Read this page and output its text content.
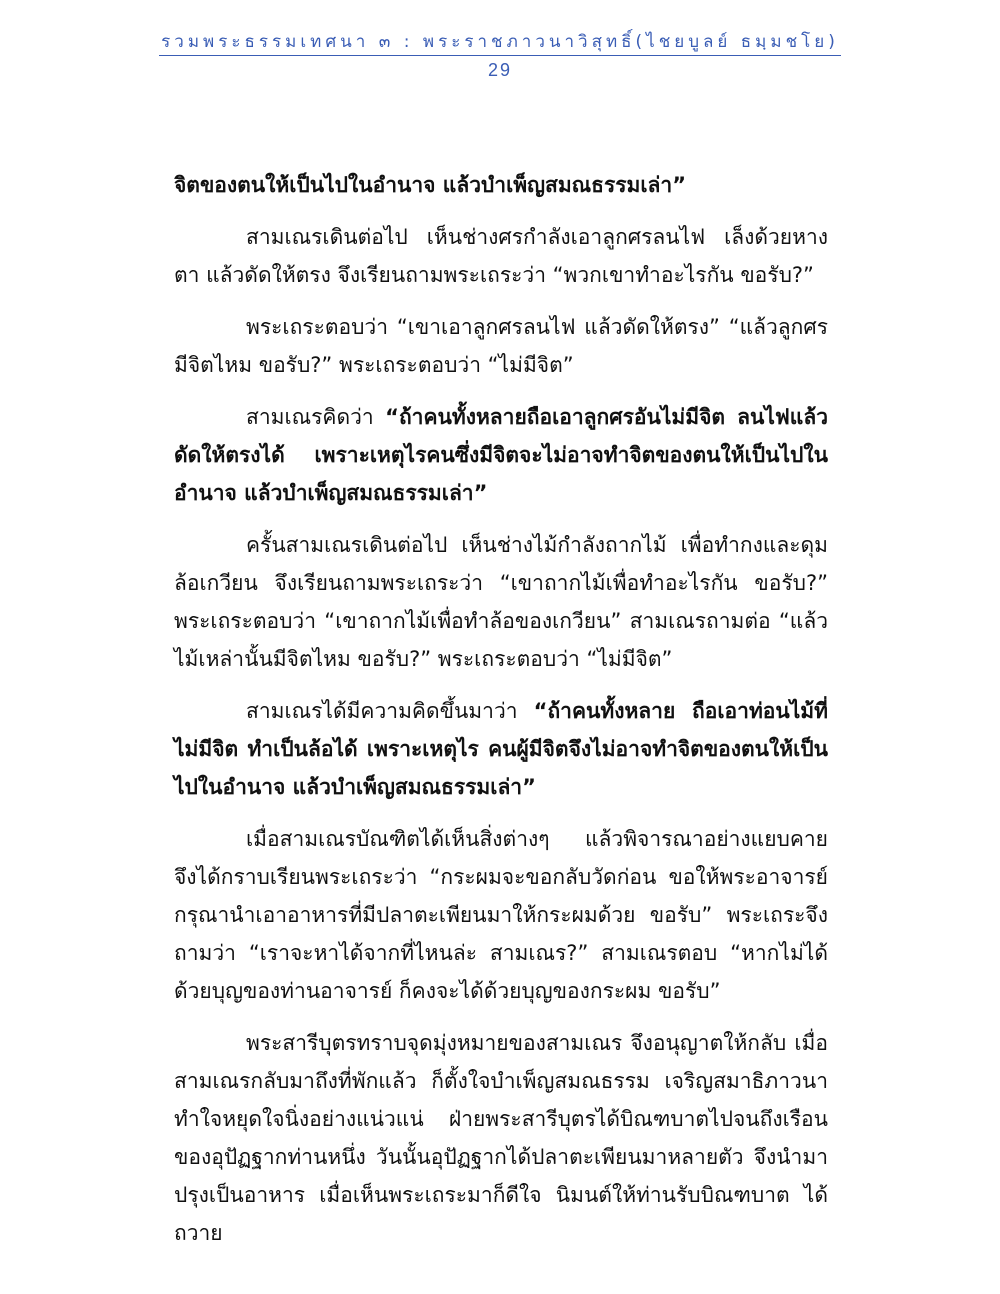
รวมพระธรรมเทศนา ๓ : พระราชภาวนาวิสุทธิ์(ไชยบูลย์ ธมฺมชโย)
29

จิตของตนให้เป็นไปในอำนาจ แล้วบำเพ็ญสมณธรรมเล่า”

สามเณรเดินต่อไป เห็นช่างศรกำลังเอาลูกศรลนไฟ เล็งด้วยหางตา แล้วดัดให้ตรง จึงเรียนถามพระเถระว่า “พวกเขาทำอะไรกัน ขอรับ?”

พระเถระตอบว่า “เขาเอาลูกศรลนไฟ แล้วดัดให้ตรง” “แล้วลูกศรมีจิตไหม ขอรับ?” พระเถระตอบว่า “ไม่มีจิต”

สามเณรคิดว่า “ถ้าคนทั้งหลายถือเอาลูกศรอันไม่มีจิต ลนไฟแล้วดัดให้ตรงได้ เพราะเหตุไรคนซึ่งมีจิตจะไม่อาจทำจิตของตนให้เป็นไปในอำนาจ แล้วบำเพ็ญสมณธรรมเล่า”

ครั้นสามเณรเดินต่อไป เห็นช่างไม้กำลังถากไม้ เพื่อทำกงและดุมล้อเกวียน จึงเรียนถามพระเถระว่า “เขาถากไม้เพื่อทำอะไรกัน ขอรับ?” พระเถระตอบว่า “เขาถากไม้เพื่อทำล้อของเกวียน” สามเณรถามต่อ “แล้วไม้เหล่านั้นมีจิตไหม ขอรับ?” พระเถระตอบว่า “ไม่มีจิต”

สามเณรได้มีความคิดขึ้นมาว่า “ถ้าคนทั้งหลาย ถือเอาท่อนไม้ที่ไม่มีจิต ทำเป็นล้อได้ เพราะเหตุไร คนผู้มีจิตจึงไม่อาจทำจิตของตนให้เป็นไปในอำนาจ แล้วบำเพ็ญสมณธรรมเล่า”

เมื่อสามเณรบัณฑิตได้เห็นสิ่งต่างๆ แล้วพิจารณาอย่างแยบคาย จึงได้กราบเรียนพระเถระว่า “กระผมจะขอกลับวัดก่อน ขอให้พระอาจารย์กรุณานำเอาอาหารที่มีปลาตะเพียนมาให้กระผมด้วย ขอรับ” พระเถระจึงถามว่า “เราจะหาได้จากที่ไหนล่ะ สามเณร?” สามเณรตอบ “หากไม่ได้ด้วยบุญของท่านอาจารย์ ก็คงจะได้ด้วยบุญของกระผม ขอรับ”

พระสารีบุตรทราบจุดมุ่งหมายของสามเณร จึงอนุญาตให้กลับ เมื่อสามเณรกลับมาถึงที่พักแล้ว ก็ตั้งใจบำเพ็ญสมณธรรม เจริญสมาธิภาวนา ทำใจหยุดใจนิ่งอย่างแน่วแน่ ฝ่ายพระสารีบุตรได้บิณฑบาตไปจนถึงเรือนของอุปัฏฐากท่านหนึ่ง วันนั้นอุปัฏฐากได้ปลาตะเพียนมาหลายตัว จึงนำมาปรุงเป็นอาหาร เมื่อเห็นพระเถระมาก็ดีใจ นิมนต์ให้ท่านรับบิณฑบาต ได้ถวาย
